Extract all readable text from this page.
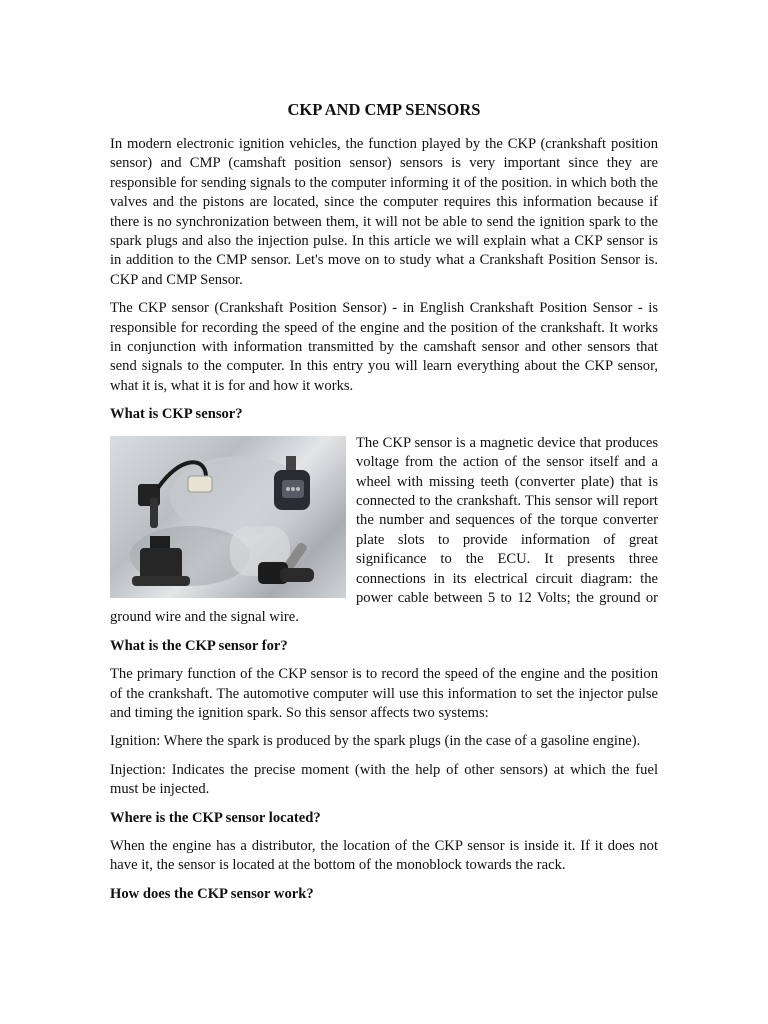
CKP AND CMP SENSORS

In modern electronic ignition vehicles, the function played by the CKP (crankshaft position sensor) and CMP (camshaft position sensor) sensors is very important since they are responsible for sending signals to the computer informing it of the position. in which both the valves and the pistons are located, since the computer requires this information because if there is no synchronization between them, it will not be able to send the ignition spark to the spark plugs and also the injection pulse. In this article we will explain what a CKP sensor is in addition to the CMP sensor. Let's move on to study what a Crankshaft Position Sensor is. CKP and CMP Sensor.

The CKP sensor (Crankshaft Position Sensor) - in English Crankshaft Position Sensor - is responsible for recording the speed of the engine and the position of the crankshaft. It works in conjunction with information transmitted by the camshaft sensor and other sensors that send signals to the computer. In this entry you will learn everything about the CKP sensor, what it is, what it is for and how it works.

What is CKP sensor?

The CKP sensor is a magnetic device that produces voltage from the action of the sensor itself and a wheel with missing teeth (converter plate) that is connected to the crankshaft. This sensor will report the number and sequences of the torque converter plate slots to provide information of great significance to the ECU. It presents three connections in its electrical circuit diagram: the power cable between 5 to 12 Volts; the ground or ground wire and the signal wire.

What is the CKP sensor for?

The primary function of the CKP sensor is to record the speed of the engine and the position of the crankshaft. The automotive computer will use this information to set the injector pulse and timing the ignition spark. So this sensor affects two systems:

Ignition: Where the spark is produced by the spark plugs (in the case of a gasoline engine).

Injection: Indicates the precise moment (with the help of other sensors) at which the fuel must be injected.

Where is the CKP sensor located?

When the engine has a distributor, the location of the CKP sensor is inside it. If it does not have it, the sensor is located at the bottom of the monoblock towards the rack.

How does the CKP sensor work?
